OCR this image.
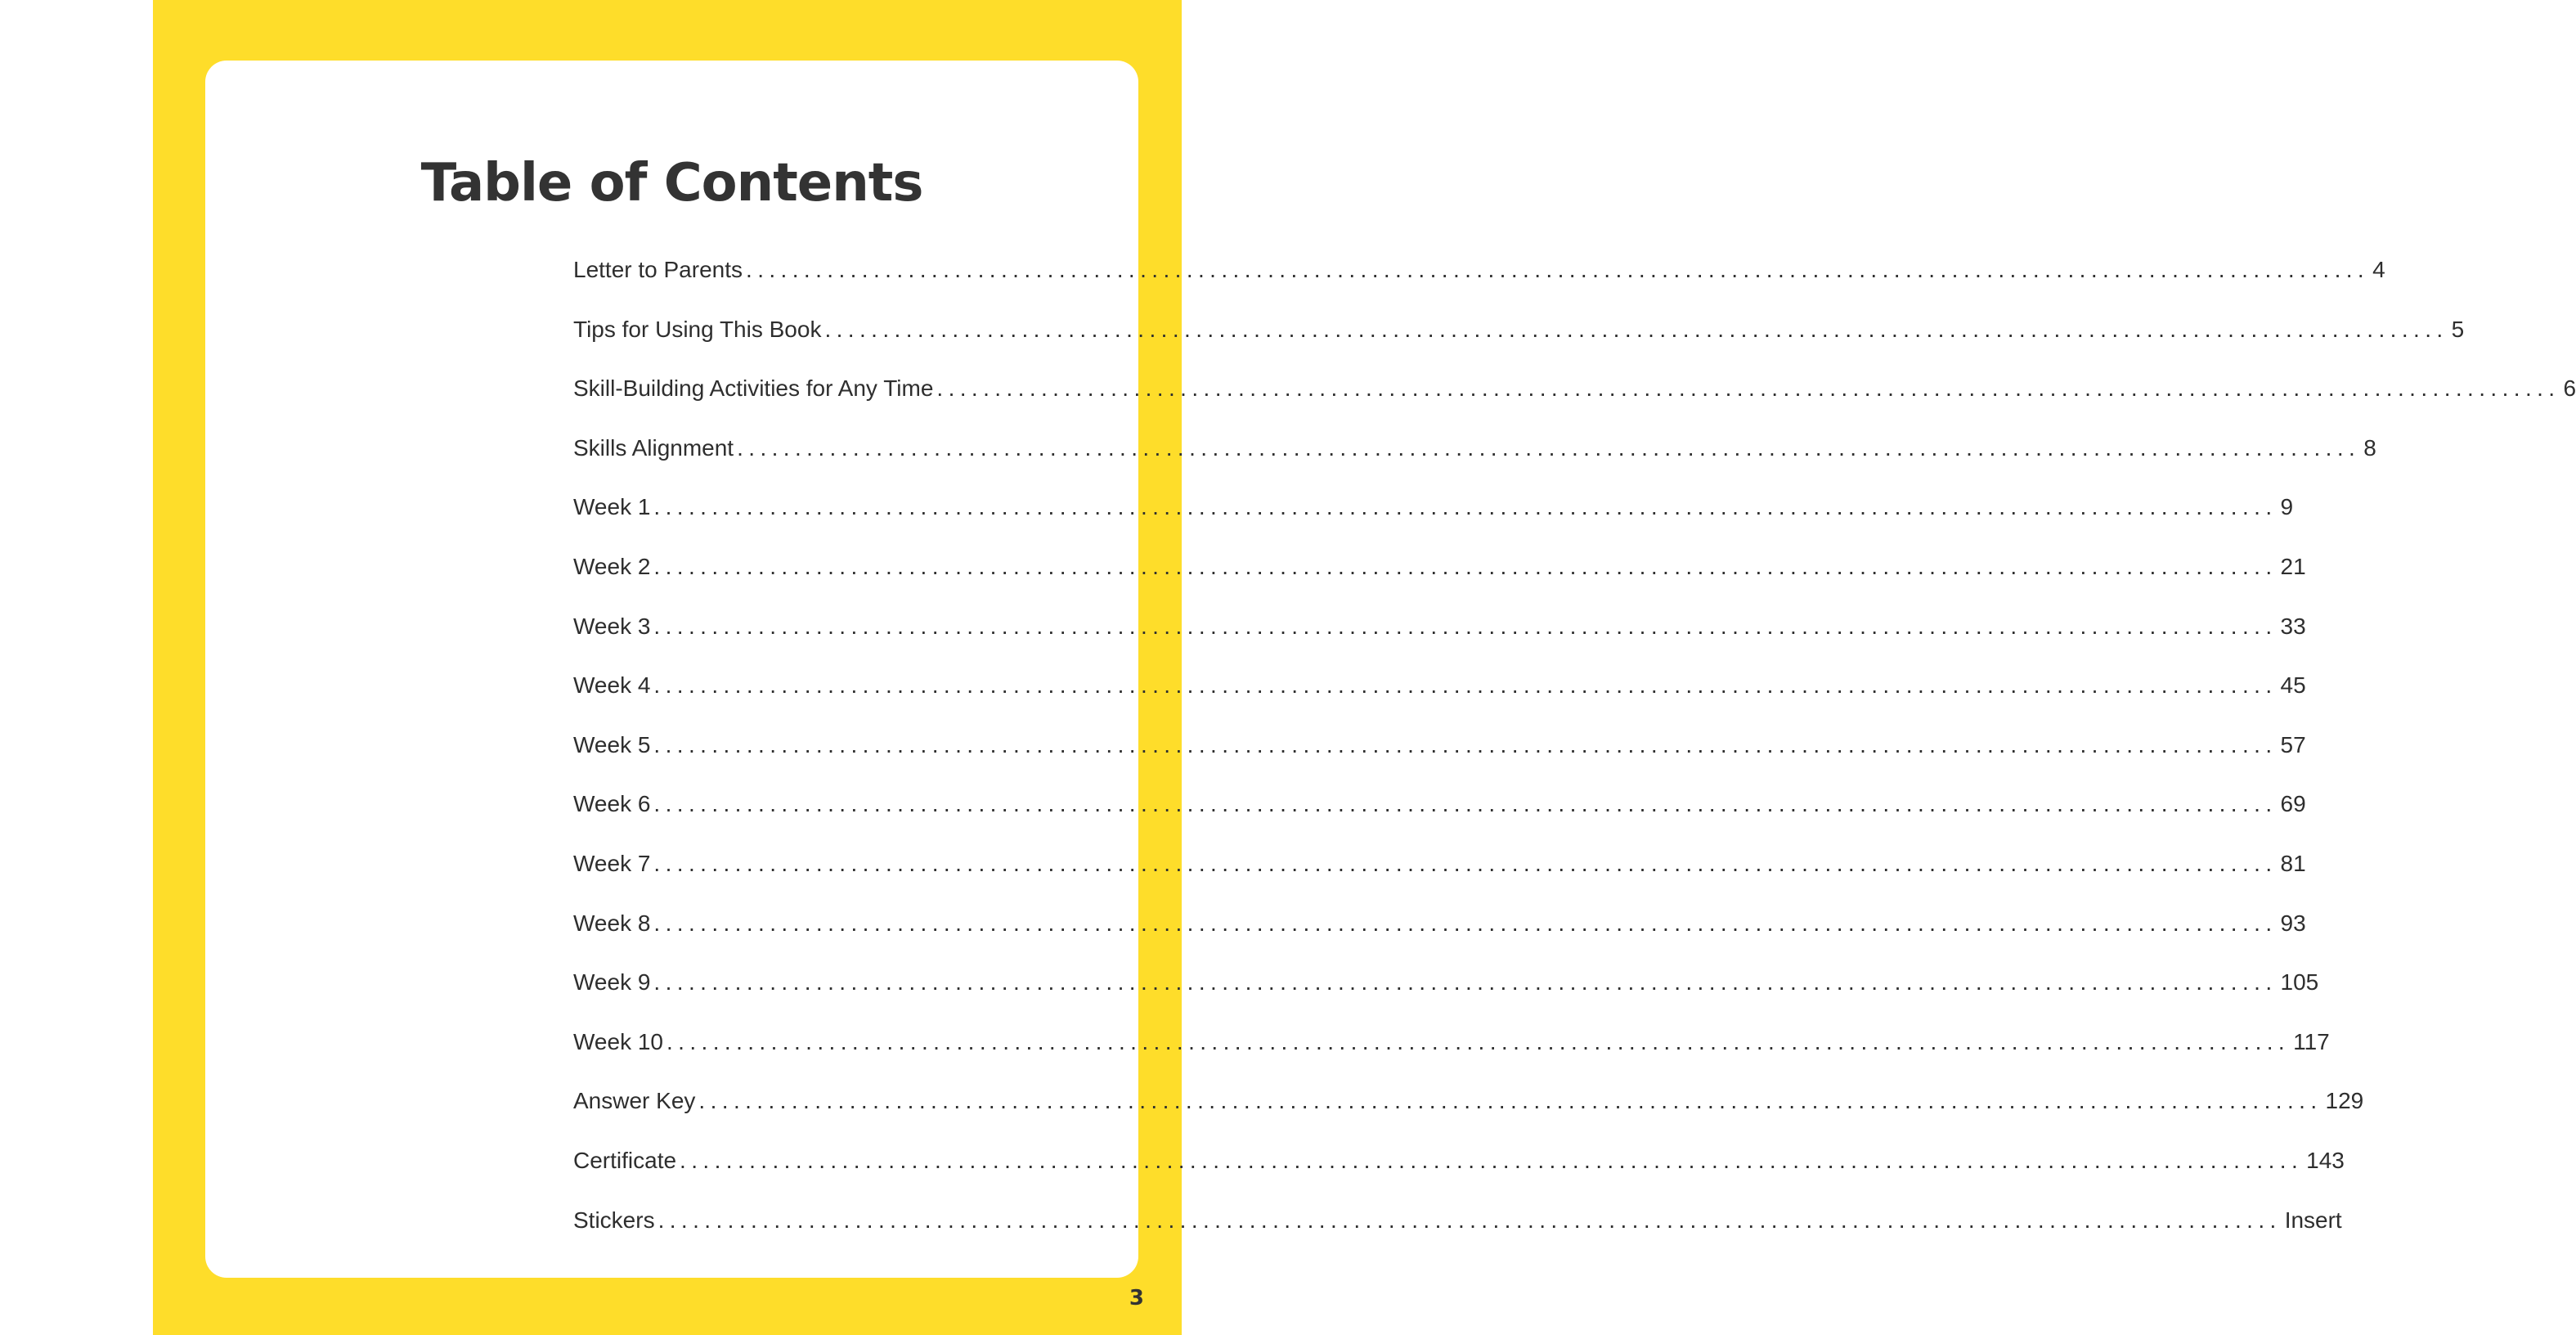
Table of Contents
Letter to Parents ............................................................................................................................................ 4
Tips for Using This Book ............................................................................................................................................ 5
Skill-Building Activities for Any Time ............................................................................................................................................ 6
Skills Alignment ............................................................................................................................................ 8
Week 1 ............................................................................................................................................ 9
Week 2 ............................................................................................................................................ 21
Week 3 ............................................................................................................................................ 33
Week 4 ............................................................................................................................................ 45
Week 5 ............................................................................................................................................ 57
Week 6 ............................................................................................................................................ 69
Week 7 ............................................................................................................................................ 81
Week 8 ............................................................................................................................................ 93
Week 9 ............................................................................................................................................ 105
Week 10 ............................................................................................................................................ 117
Answer Key ............................................................................................................................................ 129
Certificate ............................................................................................................................................ 143
Stickers ............................................................................................................................................ Insert
3
